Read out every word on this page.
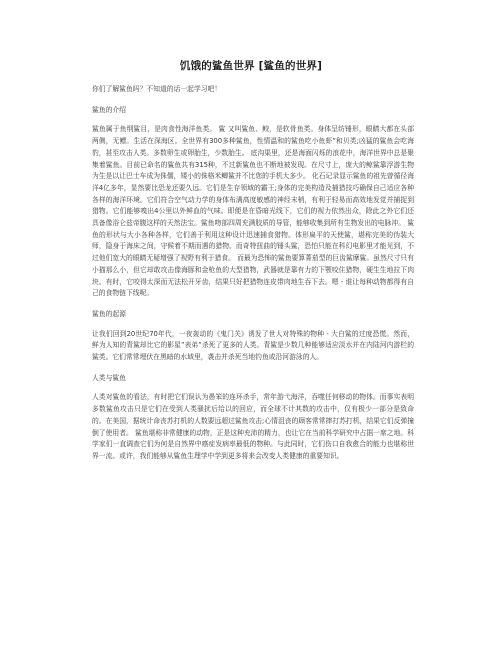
饥饿的鲨鱼世界 [鲨鱼的世界]

你们了解鲨鱼吗？不知道的话一起学习吧！

鲨鱼的介绍

鲨鱼属于鱼纲鲨目，是肉食性海洋鱼类。 鲨 又叫鲨鱼、鲛，是软骨鱼类。身体呈纺锤形，眼睛大都在头部两侧，无鳔。生活在深海区。全世界有300多种鲨鱼，性情温和的鲨鱼吃小鱼虾”和贝类;凶猛的鲨鱼会吃海豹，甚至攻击人类。多数卵生或卵胎生，少数胎生。 底沟渠里，还是海面闪烁的浪花中，海洋世界中总是聚集着鲨鱼。目前已命名的鲨鱼共有315种，不过新鲨鱼也不断地被发现。在尺寸上，庞大的鲸鲨靠浮游生物为生是以让巴士车成为侏儒，矮小的侏格米鲫鲨并不比您的手机大多少。 化石记录显示鲨鱼的祖先曾循径海洋4亿多年，显然要比恐龙还要久远。它们是生存领域的霸王;身体的完美构造及捕猎技巧确保自己适应各种各样的海洋环境。它们符合空气动力学的身体布满高度敏感的神经末梢，有利于轻易而高效地发觉并捕捉到猎物。它们能够嗅出4公里以外鲜血的气味。即便是在昏暗光线下，它们的视力依然出众，除此之外它们还具备像浴仑兹帝腹这样的天然法宝。鲨鱼吻部四周充满胶质的导管，能够收集到所有生物发出的电脉冲。 鲨鱼的形状与大小各种各样，它们善于利用这种设计迅速捕食猎物。体形扁平的天使鲨，堪称完美的伪装大师，隐身于海床之间，守候着不期而遇的猎物。而奇特扭曲的锤头鲨，恐怕只能在科幻电影里才能见到，不过他们宽大的眼睛无疑增强了视野有利于猎食。 而最为恐怖的鲨鱼要算菁茄型的巨齿鲨摩鲨。虽然尺寸只有小猫那么小，但它却敢攻击像海豚和金枪鱼的大型猎物，武器就是靠有力的下颚咬住猎物，硬生生地拉下肉块。有时，它咬得太深而无法松开牙齿，结果只好把猎物连皮带肉地生吞下去。嗯 - 谁让每种动物都得有自己的食物链下线呢。

鲨鱼的起源

让我们回到20世纪70年代，一夜轰动的《鬼门关》诱发了世人对特殊的物种 - 大白鲨的过度恐慌。然而，鲜为人知的青鲨却比它的影星”表弟”杀死了更多的人类。青鲨是少数几种能够适应淡水并在内陆河内游栏的鲨类。它们常常埋伏在黑暗的水域里，袭击并杀死当地钓鱼或沿河游泳的人。

人类与鲨鱼

人类对鲨鱼的看法，有时把它们误认为愚笨的连环杀手，常年游弋海洋，吞噬任何移动的物体。而事实表明多数鲨鱼攻击只是它们在受到人类骚扰后给以的回应，而全球不计其数的攻击中，仅有极少一部分是致命的。在美国，据统计命丧苏打机的人数要远超过鲨鱼攻击;心情沮丧的顾客常常摔打苏打机，结果它们反弹撞倒了使用者。 鲨鱼堪称非常健康的动物，正是这种充沛的精力，也让它在当前科学研究中占据一席之地。科学家们一直调查它们为何是自然界中癌症发病率最低的物种。与此同时，它们伤口自我愈合的能力也堪称世界一流。或许，我们能够从鲨鱼生理学中学到更多将来会改变人类健康的重要知识。
